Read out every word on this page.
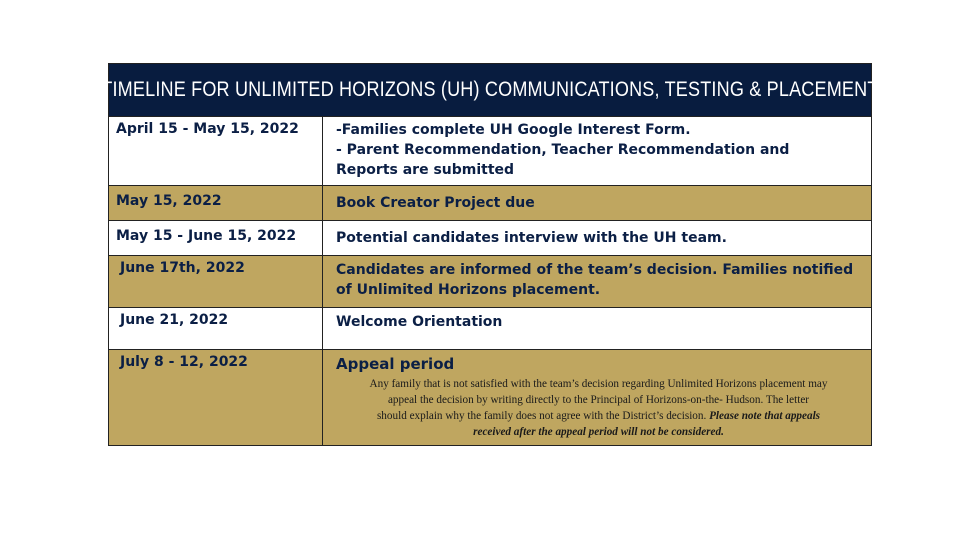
TIMELINE FOR UNLIMITED HORIZONS (UH) COMMUNICATIONS, TESTING & PLACEMENT
April 15 - May 15, 2022	-Families complete UH Google Interest Form.
- Parent Recommendation, Teacher Recommendation and
Reports are submitted
May 15, 2022	Book Creator Project due
May 15 - June 15, 2022	Potential candidates interview with the UH team.
June 17th, 2022	Candidates are informed of the team’s decision. Families notified
of Unlimited Horizons placement.
June 21, 2022	Welcome Orientation
July 8 - 12, 2022	Appeal period
Any family that is not satisfied with the team’s decision regarding Unlimited Horizons placement may
appeal the decision by writing directly to the Principal of Horizons-on-the- Hudson. The letter
should explain why the family does not agree with the District’s decision. Please note that appeals
received after the appeal period will not be considered.
